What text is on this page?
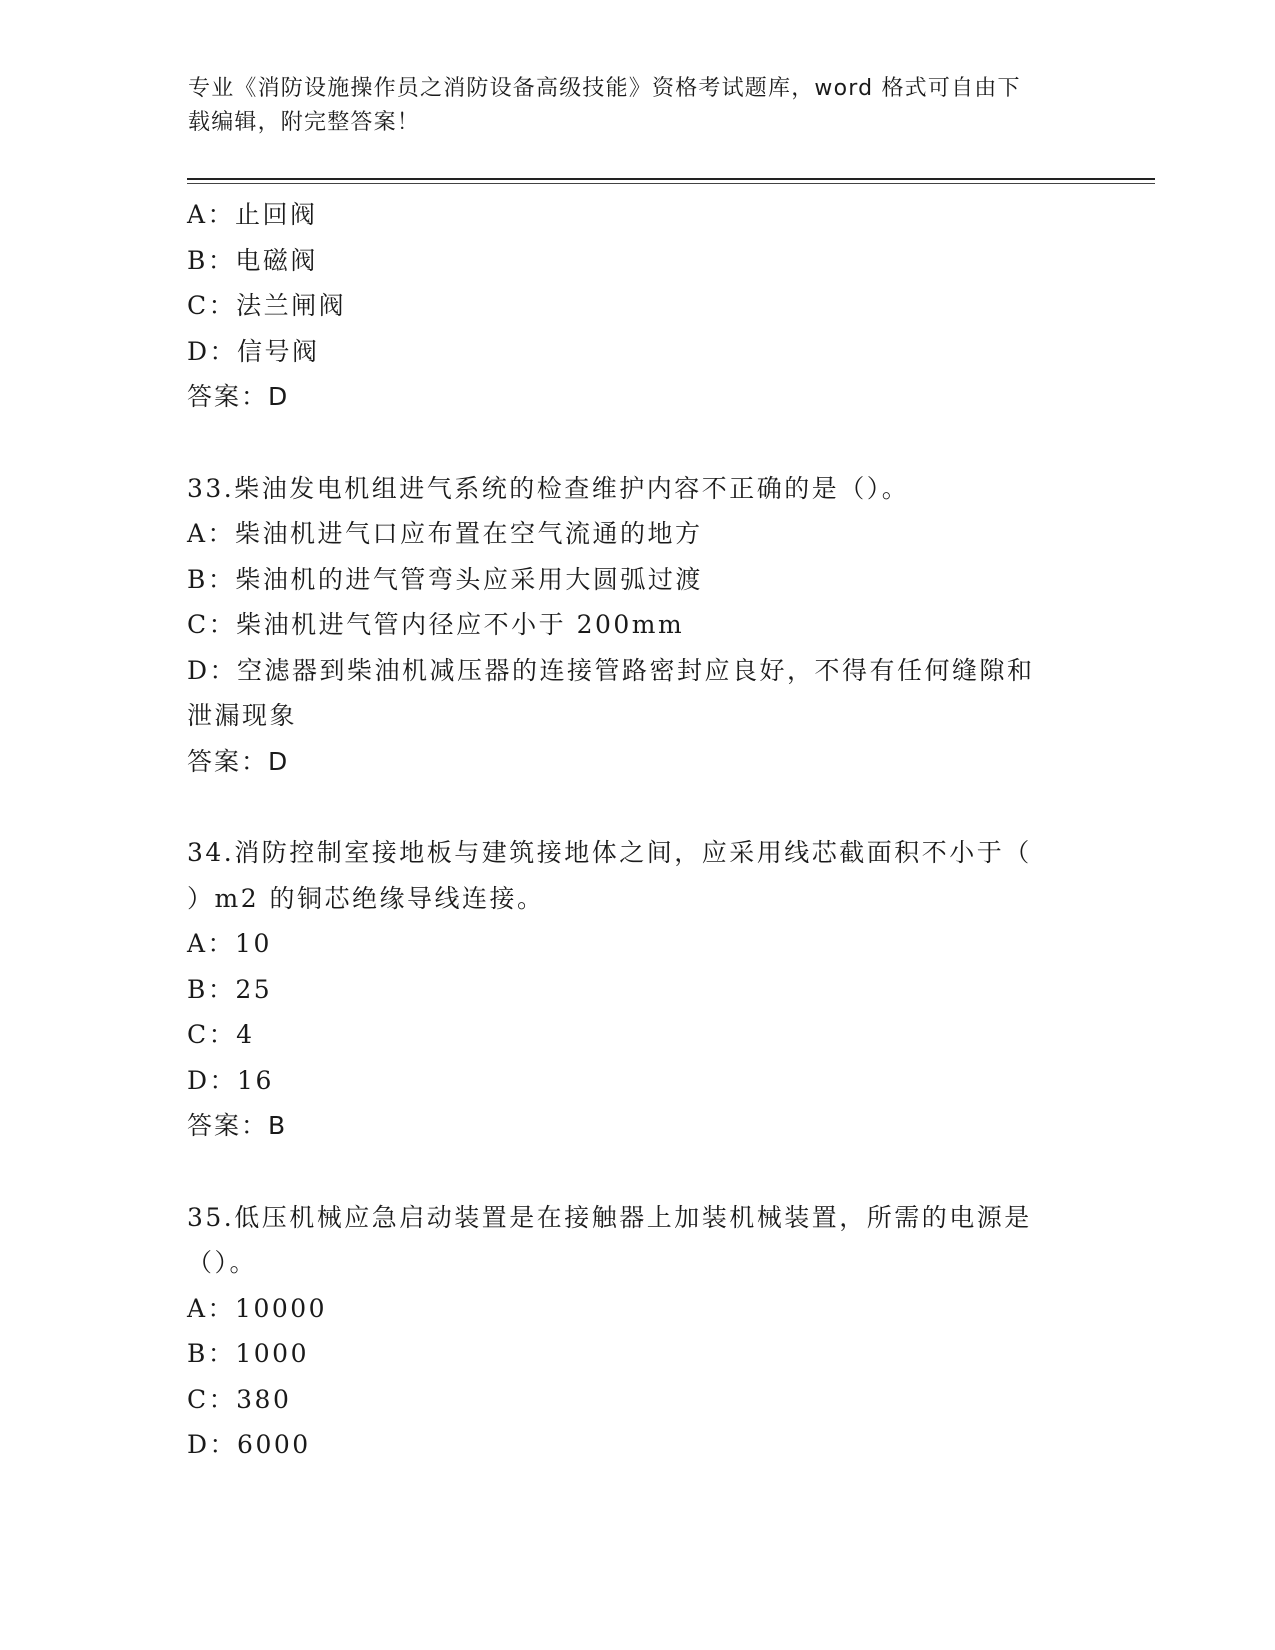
专业《消防设施操作员之消防设备高级技能》资格考试题库，word 格式可自由下
载编辑，附完整答案！
A：止回阀
B：电磁阀
C：法兰闸阀
D：信号阀
答案：D
33.柴油发电机组进气系统的检查维护内容不正确的是（）。
A：柴油机进气口应布置在空气流通的地方
B：柴油机的进气管弯头应采用大圆弧过渡
C：柴油机进气管内径应不小于 200mm
D：空滤器到柴油机减压器的连接管路密封应良好，不得有任何缝隙和
泄漏现象
答案：D
34.消防控制室接地板与建筑接地体之间，应采用线芯截面积不小于（
）m2 的铜芯绝缘导线连接。
A：10
B：25
C：4
D：16
答案：B
35.低压机械应急启动装置是在接触器上加装机械装置，所需的电源是
（）。
A：10000
B：1000
C：380
D：6000
